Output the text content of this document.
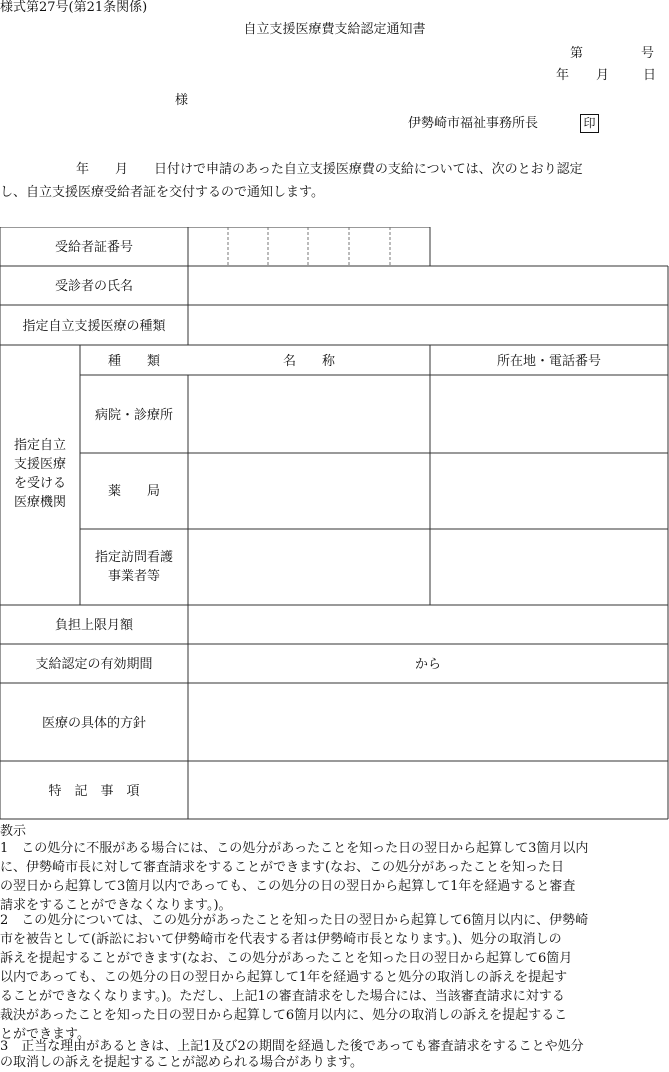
様式第27号(第21条関係)
自立支援医療費支給認定通知書
第	号
年 月	日
様
伊勢崎市福祉事務所長	印
年 月 日付けで申請のあった自立支援医療費の支給については、次のとおり認定
し、自立支援医療受給者証を交付するので通知します。
受給者証番号
受診者の氏名
指定自立支援医療の種類
指定自立
支援医療
を受ける
医療機関
種　　類	名　　称	所在地・電話番号
病院・診療所
薬　　局
指定訪問看護
事業者等
負担上限月額
支給認定の有効期間	から
医療の具体的方針
特　記　事　項
教示
1　この処分に不服がある場合には、この処分があったことを知った日の翌日から起算して3箇月以内
に、伊勢崎市長に対して審査請求をすることができます(なお、この処分があったことを知った日
の翌日から起算して3箇月以内であっても、この処分の日の翌日から起算して1年を経過すると審査
請求をすることができなくなります。)。
2　この処分については、この処分があったことを知った日の翌日から起算して6箇月以内に、伊勢崎
市を被告として(訴訟において伊勢崎市を代表する者は伊勢崎市長となります。)、処分の取消しの
訴えを提起することができます(なお、この処分があったことを知った日の翌日から起算して6箇月
以内であっても、この処分の日の翌日から起算して1年を経過すると処分の取消しの訴えを提起す
ることができなくなります。)。ただし、上記1の審査請求をした場合には、当該審査請求に対する
裁決があったことを知った日の翌日から起算して6箇月以内に、処分の取消しの訴えを提起するこ
とができます。
3　正当な理由があるときは、上記1及び2の期間を経過した後であっても審査請求をすることや処分
の取消しの訴えを提起することが認められる場合があります。
